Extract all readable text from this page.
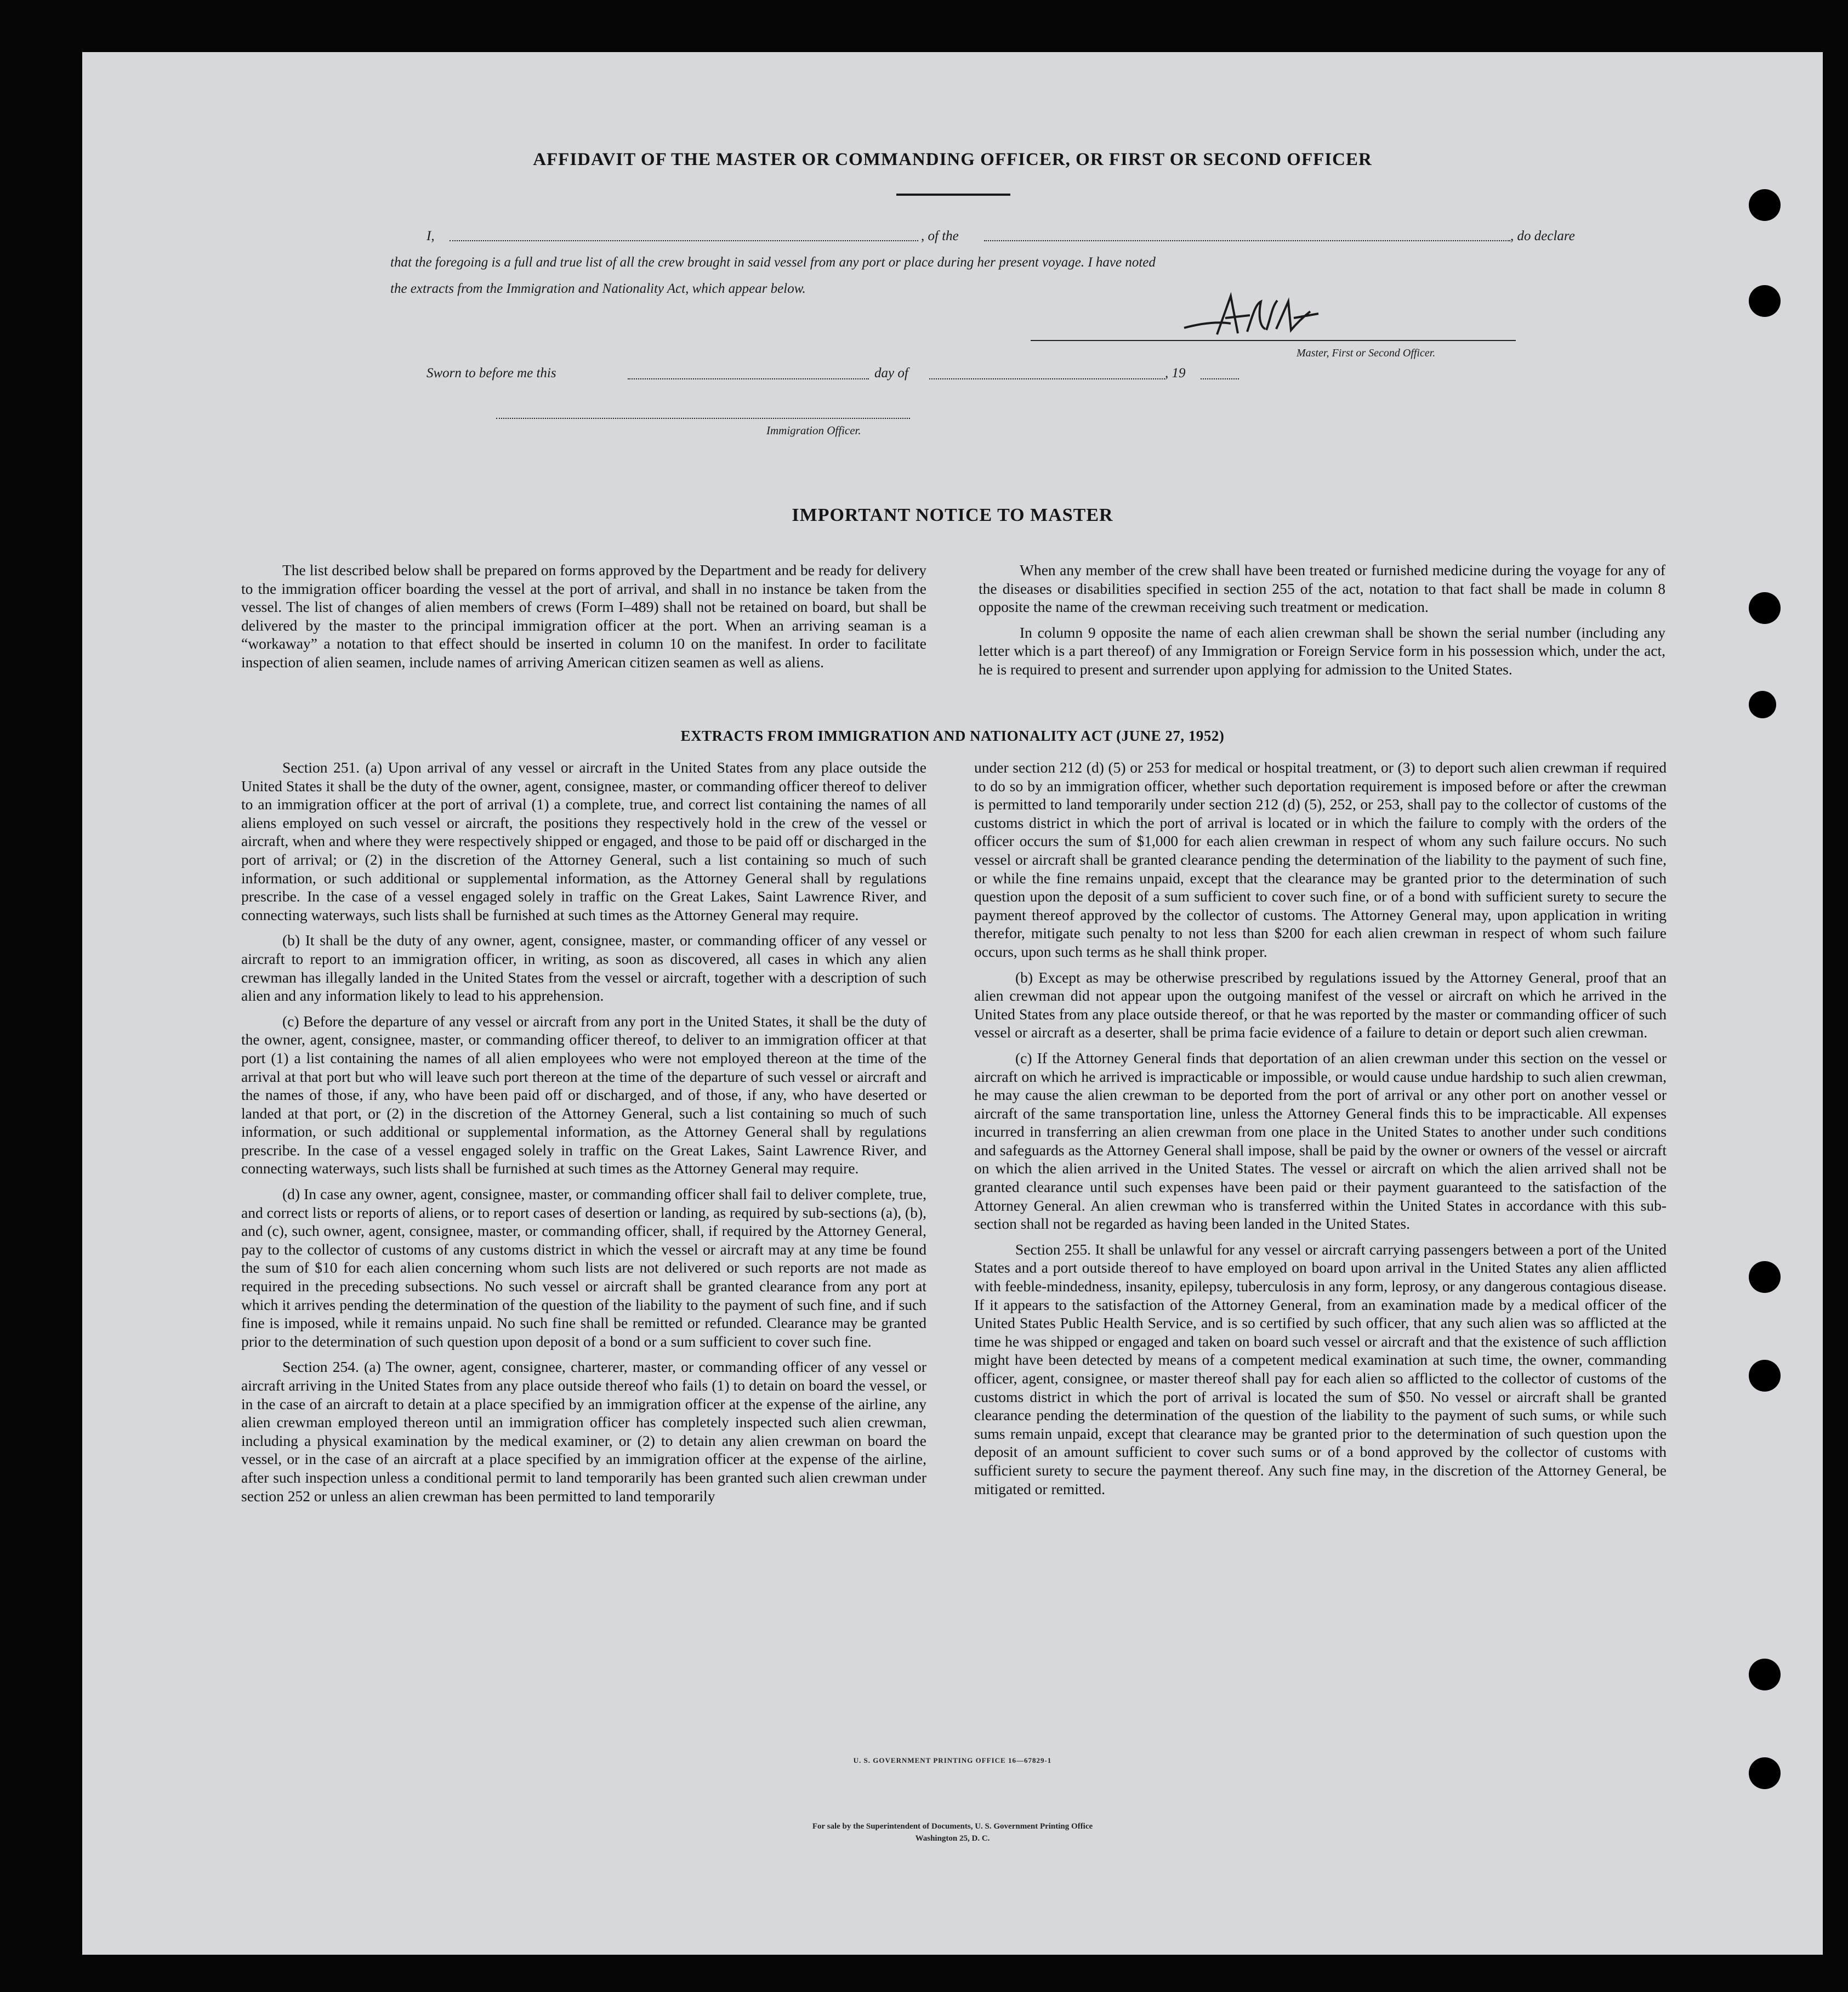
AFFIDAVIT OF THE MASTER OR COMMANDING OFFICER, OR FIRST OR SECOND OFFICER
I,	, of the	, do declare
that the foregoing is a full and true list of all the crew brought in said vessel from any port or place during her present voyage. I have noted
the extracts from the Immigration and Nationality Act, which appear below.
Master, First or Second Officer.
Sworn to before me this	day of	, 19
Immigration Officer.
IMPORTANT NOTICE TO MASTER

The list described below shall be prepared on forms approved by the Department and be ready for delivery to the immigration officer boarding the vessel at the port of arrival, and shall in no instance be taken from the vessel. The list of changes of alien members of crews (Form I–489) shall not be retained on board, but shall be delivered by the master to the principal immigration officer at the port. When an arriving seaman is a “workaway” a notation to that effect should be inserted in column 10 on the manifest. In order to facilitate inspection of alien seamen, include names of arriving American citizen seamen as well as aliens.

When any member of the crew shall have been treated or furnished medicine during the voyage for any of the diseases or disabilities specified in section 255 of the act, notation to that fact shall be made in column 8 opposite the name of the crewman receiving such treatment or medication.

In column 9 opposite the name of each alien crewman shall be shown the serial number (including any letter which is a part thereof) of any Immigration or Foreign Service form in his possession which, under the act, he is required to present and surrender upon applying for admission to the United States.

EXTRACTS FROM IMMIGRATION AND NATIONALITY ACT (JUNE 27, 1952)

Section 251. (a) Upon arrival of any vessel or aircraft in the United States from any place outside the United States it shall be the duty of the owner, agent, consignee, master, or commanding officer thereof to deliver to an immigration officer at the port of arrival (1) a complete, true, and correct list containing the names of all aliens employed on such vessel or aircraft, the positions they respectively hold in the crew of the vessel or aircraft, when and where they were respectively shipped or engaged, and those to be paid off or discharged in the port of arrival; or (2) in the discretion of the Attorney General, such a list containing so much of such information, or such additional or supplemental information, as the Attorney General shall by regulations prescribe. In the case of a vessel engaged solely in traffic on the Great Lakes, Saint Lawrence River, and connecting waterways, such lists shall be furnished at such times as the Attorney General may require.

(b) It shall be the duty of any owner, agent, consignee, master, or commanding officer of any vessel or aircraft to report to an immigration officer, in writing, as soon as discovered, all cases in which any alien crewman has illegally landed in the United States from the vessel or aircraft, together with a description of such alien and any information likely to lead to his apprehension.

(c) Before the departure of any vessel or aircraft from any port in the United States, it shall be the duty of the owner, agent, consignee, master, or commanding officer thereof, to deliver to an immigration officer at that port (1) a list containing the names of all alien employees who were not employed thereon at the time of the arrival at that port but who will leave such port thereon at the time of the departure of such vessel or aircraft and the names of those, if any, who have been paid off or discharged, and of those, if any, who have deserted or landed at that port, or (2) in the discretion of the Attorney General, such a list containing so much of such information, or such additional or supplemental information, as the Attorney General shall by regulations prescribe. In the case of a vessel engaged solely in traffic on the Great Lakes, Saint Lawrence River, and connecting waterways, such lists shall be furnished at such times as the Attorney General may require.

(d) In case any owner, agent, consignee, master, or commanding officer shall fail to deliver complete, true, and correct lists or reports of aliens, or to report cases of desertion or landing, as required by sub-sections (a), (b), and (c), such owner, agent, consignee, master, or commanding officer, shall, if required by the Attorney General, pay to the collector of customs of any customs district in which the vessel or aircraft may at any time be found the sum of $10 for each alien concerning whom such lists are not delivered or such reports are not made as required in the preceding subsections. No such vessel or aircraft shall be granted clearance from any port at which it arrives pending the determination of the question of the liability to the payment of such fine, and if such fine is imposed, while it remains unpaid. No such fine shall be remitted or refunded. Clearance may be granted prior to the determination of such question upon deposit of a bond or a sum sufficient to cover such fine.

Section 254. (a) The owner, agent, consignee, charterer, master, or commanding officer of any vessel or aircraft arriving in the United States from any place outside thereof who fails (1) to detain on board the vessel, or in the case of an aircraft to detain at a place specified by an immigration officer at the expense of the airline, any alien crewman employed thereon until an immigration officer has completely inspected such alien crewman, including a physical examination by the medical examiner, or (2) to detain any alien crewman on board the vessel, or in the case of an aircraft at a place specified by an immigration officer at the expense of the airline, after such inspection unless a conditional permit to land temporarily has been granted such alien crewman under section 252 or unless an alien crewman has been permitted to land temporarily

under section 212 (d) (5) or 253 for medical or hospital treatment, or (3) to deport such alien crewman if required to do so by an immigration officer, whether such deportation requirement is imposed before or after the crewman is permitted to land temporarily under section 212 (d) (5), 252, or 253, shall pay to the collector of customs of the customs district in which the port of arrival is located or in which the failure to comply with the orders of the officer occurs the sum of $1,000 for each alien crewman in respect of whom any such failure occurs. No such vessel or aircraft shall be granted clearance pending the determination of the liability to the payment of such fine, or while the fine remains unpaid, except that the clearance may be granted prior to the determination of such question upon the deposit of a sum sufficient to cover such fine, or of a bond with sufficient surety to secure the payment thereof approved by the collector of customs. The Attorney General may, upon application in writing therefor, mitigate such penalty to not less than $200 for each alien crewman in respect of whom such failure occurs, upon such terms as he shall think proper.

(b) Except as may be otherwise prescribed by regulations issued by the Attorney General, proof that an alien crewman did not appear upon the outgoing manifest of the vessel or aircraft on which he arrived in the United States from any place outside thereof, or that he was reported by the master or commanding officer of such vessel or aircraft as a deserter, shall be prima facie evidence of a failure to detain or deport such alien crewman.

(c) If the Attorney General finds that deportation of an alien crewman under this section on the vessel or aircraft on which he arrived is impracticable or impossible, or would cause undue hardship to such alien crewman, he may cause the alien crewman to be deported from the port of arrival or any other port on another vessel or aircraft of the same transportation line, unless the Attorney General finds this to be impracticable. All expenses incurred in transferring an alien crewman from one place in the United States to another under such conditions and safeguards as the Attorney General shall impose, shall be paid by the owner or owners of the vessel or aircraft on which the alien arrived in the United States. The vessel or aircraft on which the alien arrived shall not be granted clearance until such expenses have been paid or their payment guaranteed to the satisfaction of the Attorney General. An alien crewman who is transferred within the United States in accordance with this sub-section shall not be regarded as having been landed in the United States.

Section 255. It shall be unlawful for any vessel or aircraft carrying passengers between a port of the United States and a port outside thereof to have employed on board upon arrival in the United States any alien afflicted with feeble-mindedness, insanity, epilepsy, tuberculosis in any form, leprosy, or any dangerous contagious disease. If it appears to the satisfaction of the Attorney General, from an examination made by a medical officer of the United States Public Health Service, and is so certified by such officer, that any such alien was so afflicted at the time he was shipped or engaged and taken on board such vessel or aircraft and that the existence of such affliction might have been detected by means of a competent medical examination at such time, the owner, commanding officer, agent, consignee, or master thereof shall pay for each alien so afflicted to the collector of customs of the customs district in which the port of arrival is located the sum of $50. No vessel or aircraft shall be granted clearance pending the determination of the question of the liability to the payment of such sums, or while such sums remain unpaid, except that clearance may be granted prior to the determination of such question upon the deposit of an amount sufficient to cover such sums or of a bond approved by the collector of customs with sufficient surety to secure the payment thereof. Any such fine may, in the discretion of the Attorney General, be mitigated or remitted.

U. S. GOVERNMENT PRINTING OFFICE 16—67829-1
For sale by the Superintendent of Documents, U. S. Government Printing Office
Washington 25, D. C.
